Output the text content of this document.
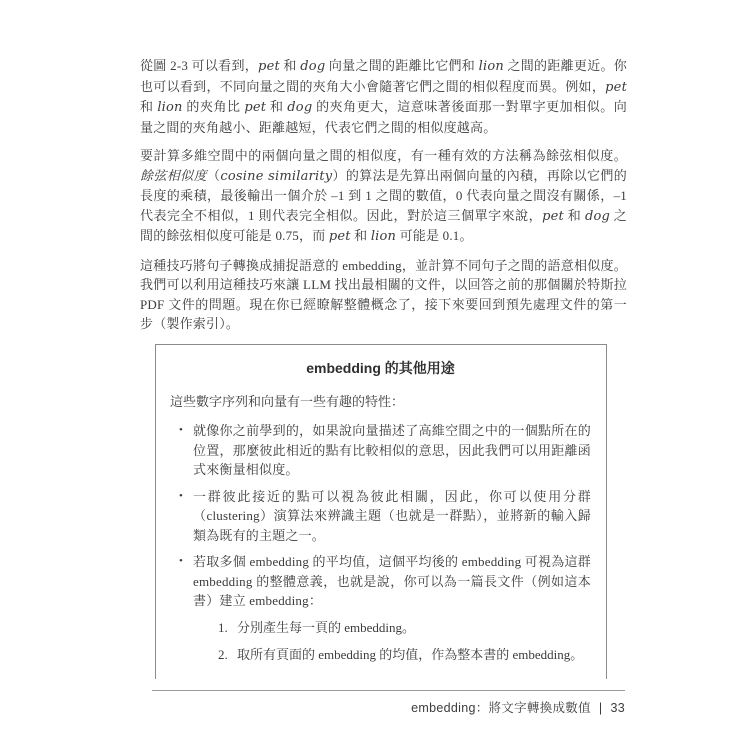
從圖 2-3 可以看到，pet 和 dog 向量之間的距離比它們和 lion 之間的距離更近。你也可以看到，不同向量之間的夾角大小會隨著它們之間的相似程度而異。例如，pet 和 lion 的夾角比 pet 和 dog 的夾角更大，這意味著後面那一對單字更加相似。向量之間的夾角越小、距離越短，代表它們之間的相似度越高。

要計算多維空間中的兩個向量之間的相似度，有一種有效的方法稱為餘弦相似度。餘弦相似度（cosine similarity）的算法是先算出兩個向量的內積，再除以它們的長度的乘積，最後輸出一個介於 –1 到 1 之間的數值，0 代表向量之間沒有關係，–1 代表完全不相似，1 則代表完全相似。因此，對於這三個單字來說，pet 和 dog 之間的餘弦相似度可能是 0.75，而 pet 和 lion 可能是 0.1。

這種技巧將句子轉換成捕捉語意的 embedding，並計算不同句子之間的語意相似度。我們可以利用這種技巧來讓 LLM 找出最相關的文件，以回答之前的那個關於特斯拉 PDF 文件的問題。現在你已經瞭解整體概念了，接下來要回到預先處理文件的第一步（製作索引）。

embedding 的其他用途

這些數字序列和向量有一些有趣的特性：

• 就像你之前學到的，如果說向量描述了高維空間之中的一個點所在的位置，那麼彼此相近的點有比較相似的意思，因此我們可以用距離函式來衡量相似度。
• 一群彼此接近的點可以視為彼此相關，因此，你可以使用分群（clustering）演算法來辨識主題（也就是一群點），並將新的輸入歸類為既有的主題之一。
• 若取多個 embedding 的平均值，這個平均後的 embedding 可視為這群 embedding 的整體意義，也就是說，你可以為一篇長文件（例如這本書）建立 embedding：
1. 分別產生每一頁的 embedding。
2. 取所有頁面的 embedding 的均值，作為整本書的 embedding。
embedding：將文字轉換成數值 | 33
